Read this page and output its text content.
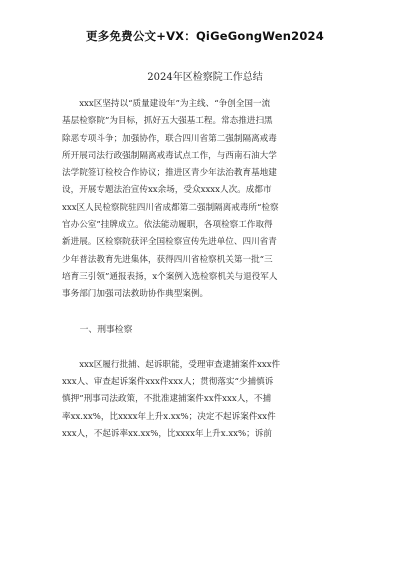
更多免费公文+VX：QiGeGongWen2024
2024年区检察院工作总结
xxx区坚持以“质量建设年”为主线、“争创全国一流
基层检察院”为目标，抓好五大强基工程。常态推进扫黑
除恶专项斗争；加强协作，联合四川省第二强制隔离戒毒
所开展司法行政强制隔离戒毒试点工作，与西南石油大学
法学院签订检校合作协议；推进区青少年法治教育基地建
设，开展专题法治宣传xx余场，受众xxxx人次。成都市
xxx区人民检察院驻四川省成都第二强制隔离戒毒所“检察
官办公室”挂牌成立。依法能动履职，各项检察工作取得
新进展。区检察院获评全国检察宣传先进单位、四川省青
少年普法教育先进集体，获得四川省检察机关第一批“三
培育三引领”通报表扬，x个案例入选检察机关与退役军人
事务部门加强司法救助协作典型案例。
一、刑事检察
xxx区履行批捕、起诉职能，受理审查逮捕案件xxx件
xxx人、审查起诉案件xxx件xxx人；贯彻落实“少捕慎诉
慎押”刑事司法政策，不批准逮捕案件xx件xxx人，不捕
率xx.xx%，比xxxx年上升x.xx%；决定不起诉案件xx件
xxx人，不起诉率xx.xx%，比xxxx年上升x.xx%；诉前
